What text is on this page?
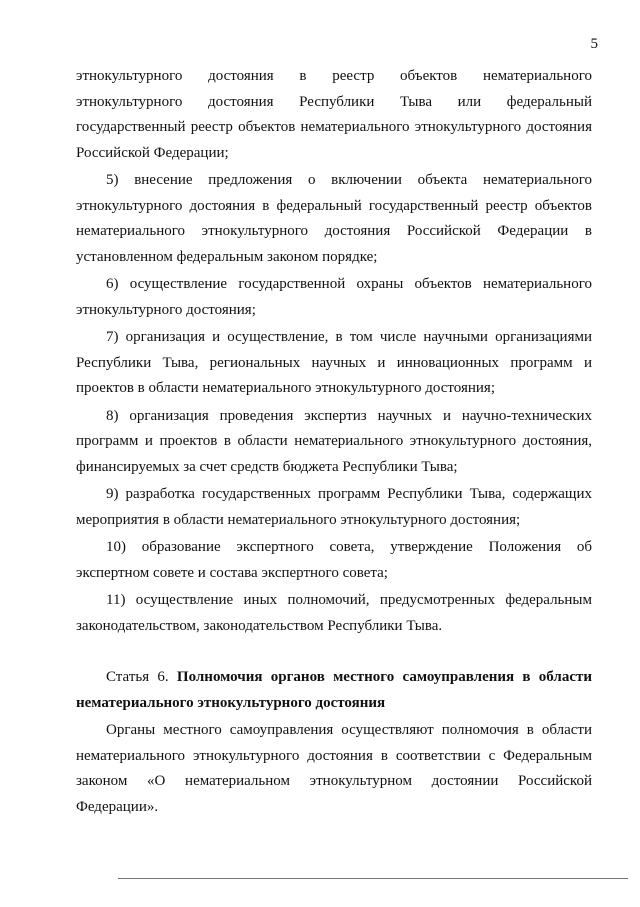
5
этнокультурного достояния в реестр объектов нематериального
этнокультурного достояния Республики Тыва или федеральный
государственный реестр объектов нематериального этнокультурного достояния Российской Федерации;

5) внесение предложения о включении объекта нематериального этнокультурного достояния в федеральный государственный реестр объектов нематериального этнокультурного достояния Российской Федерации в установленном федеральным законом порядке;

6) осуществление государственной охраны объектов нематериального этнокультурного достояния;

7) организация и осуществление, в том числе научными организациями Республики Тыва, региональных научных и инновационных программ и проектов в области нематериального этнокультурного достояния;

8) организация проведения экспертиз научных и научно-технических программ и проектов в области нематериального этнокультурного достояния, финансируемых за счет средств бюджета Республики Тыва;

9) разработка государственных программ Республики Тыва, содержащих мероприятия в области нематериального этнокультурного достояния;

10) образование экспертного совета, утверждение Положения об экспертном совете и состава экспертного совета;

11) осуществление иных полномочий, предусмотренных федеральным законодательством, законодательством Республики Тыва.

Статья 6. Полномочия органов местного самоуправления в области нематериального этнокультурного достояния

Органы местного самоуправления осуществляют полномочия в области нематериального этнокультурного достояния в соответствии с Федеральным законом «О нематериальном этнокультурном достоянии Российской Федерации».
